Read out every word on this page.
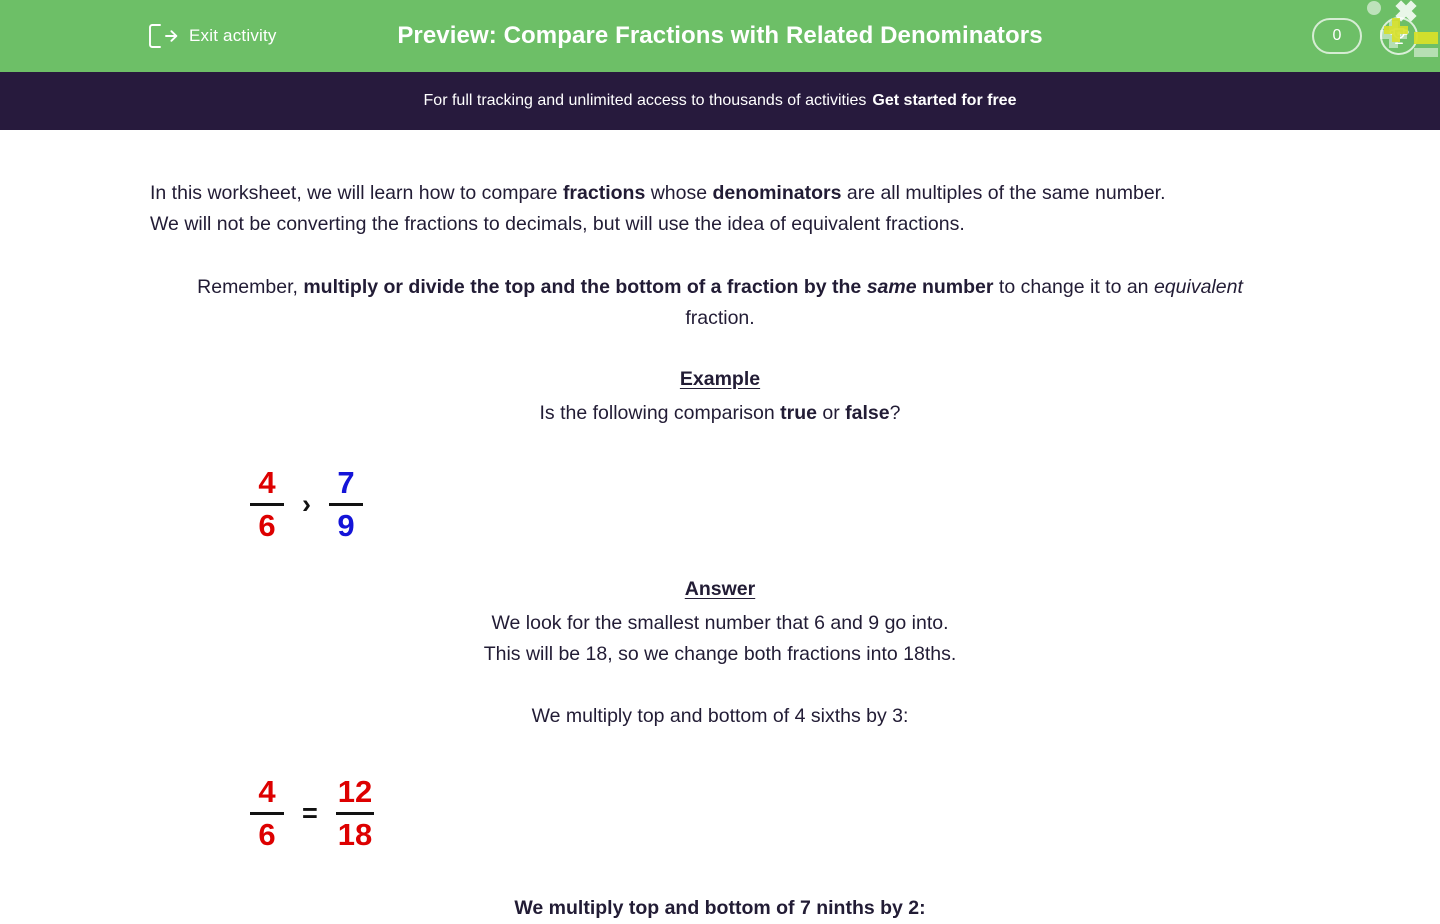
Exit activity	Preview: Compare Fractions with Related Denominators	0
For full tracking and unlimited access to thousands of activities Get started for free

In this worksheet, we will learn how to compare fractions whose denominators are all multiples of the same number.

We will not be converting the fractions to decimals, but will use the idea of equivalent fractions.

Remember, multiply or divide the top and the bottom of a fraction by the same number to change it to an equivalent fraction.
Example
Is the following comparison true or false?
$\frac{4}{6}$ › $\frac{7}{9}$
Answer
We look for the smallest number that 6 and 9 go into.
This will be 18, so we change both fractions into 18ths.
We multiply top and bottom of 4 sixths by 3:
$\frac{4}{6} = \frac{12}{18}$
We multiply top and bottom of 7 ninths by 2:
